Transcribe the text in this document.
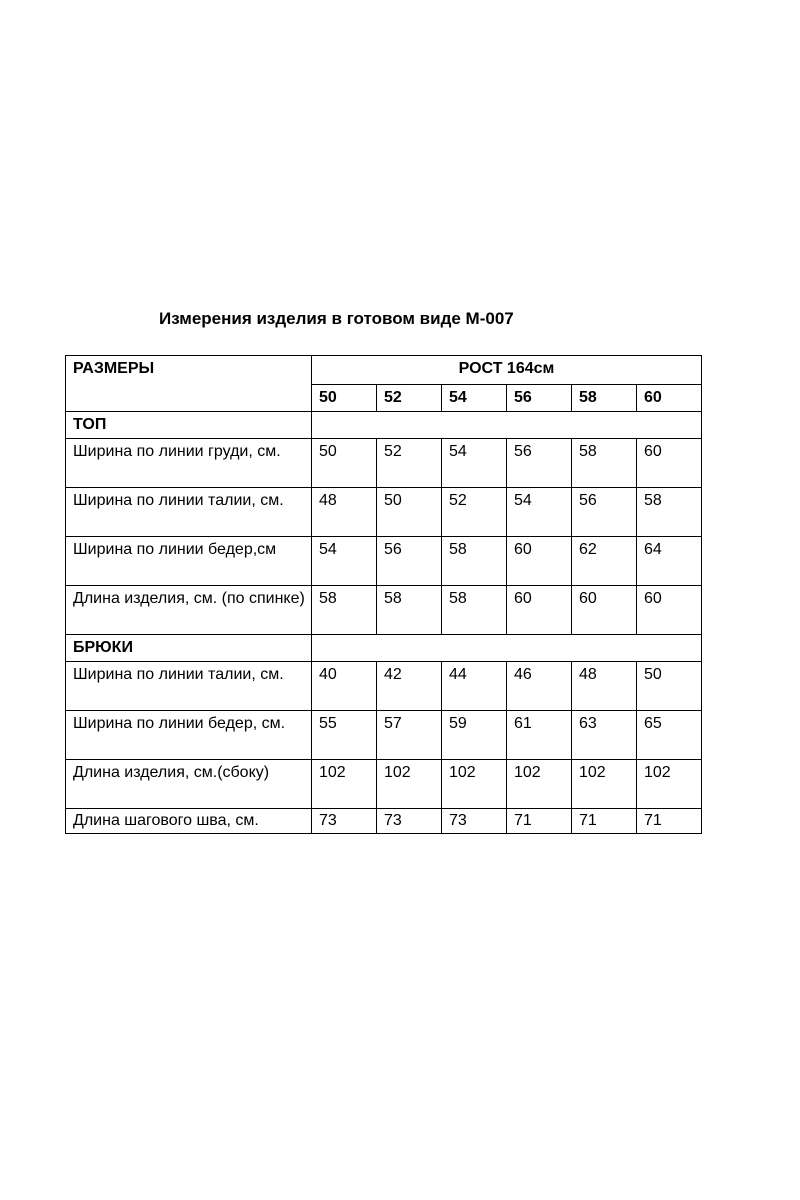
Измерения изделия в готовом виде М-007
РАЗМЕРЫ	РОСТ 164см					
	50	52	54	56	58	60
ТОП						
Ширина по линии груди, см.	50	52	54	56	58	60
Ширина по линии талии, см.	48	50	52	54	56	58
Ширина по линии бедер,см	54	56	58	60	62	64
Длина изделия, см. (по спинке)	58	58	58	60	60	60
БРЮКИ						
Ширина по линии талии, см.	40	42	44	46	48	50
Ширина по линии бедер, см.	55	57	59	61	63	65
Длина изделия, см.(сбоку)	102	102	102	102	102	102
Длина шагового шва, см.	73	73	73	71	71	71
